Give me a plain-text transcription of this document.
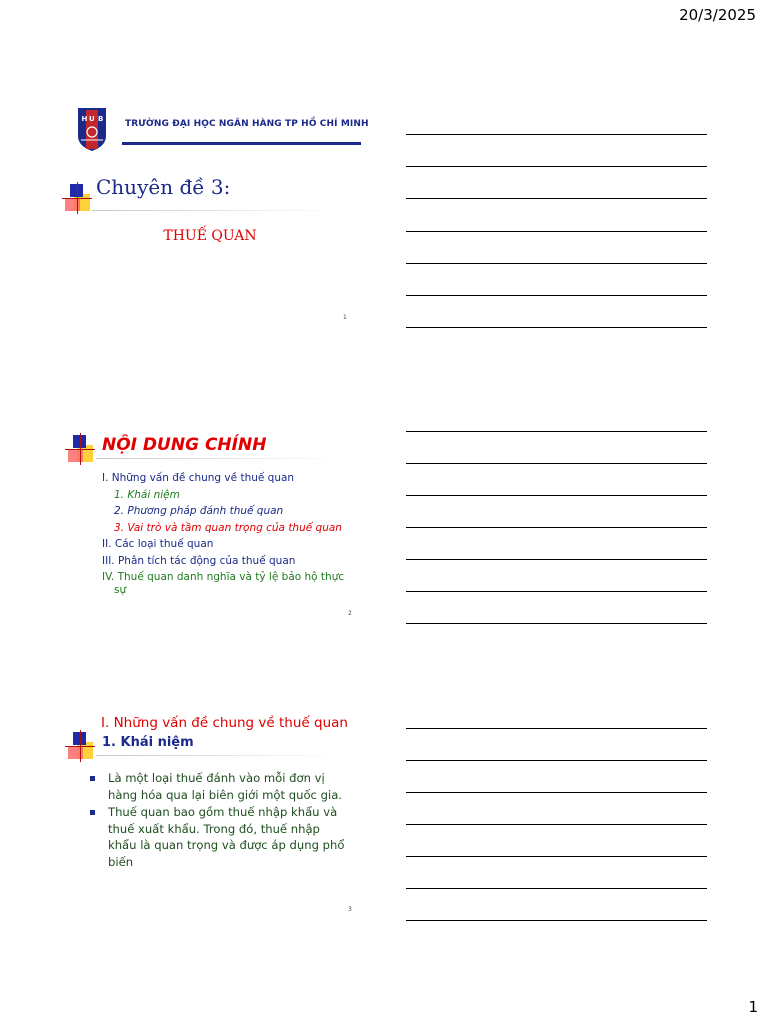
20/3/2025
H U B TRƯỜNG ĐẠI HỌC NGÂN HÀNG TP HỒ CHÍ MINH
Chuyên đề 3:
THUẾ QUAN
1
NỘI DUNG CHÍNH
I. Những vấn đề chung về thuế quan
1. Khái niệm
2. Phương pháp đánh thuế quan
3. Vai trò và tầm quan trọng của thuế quan
II. Các loại thuế quan
III. Phân tích tác động của thuế quan
IV. Thuế quan danh nghĩa và tỷ lệ bảo hộ thực
sự
2
I. Những vấn đề chung về thuế quan
1. Khái niệm
Là một loại thuế đánh vào mỗi đơn vị hàng hóa qua lại biên giới một quốc gia.
Thuế quan bao gồm thuế nhập khẩu và thuế xuất khẩu. Trong đó, thuế nhập khẩu là quan trọng và được áp dụng phổ biến
3
1
